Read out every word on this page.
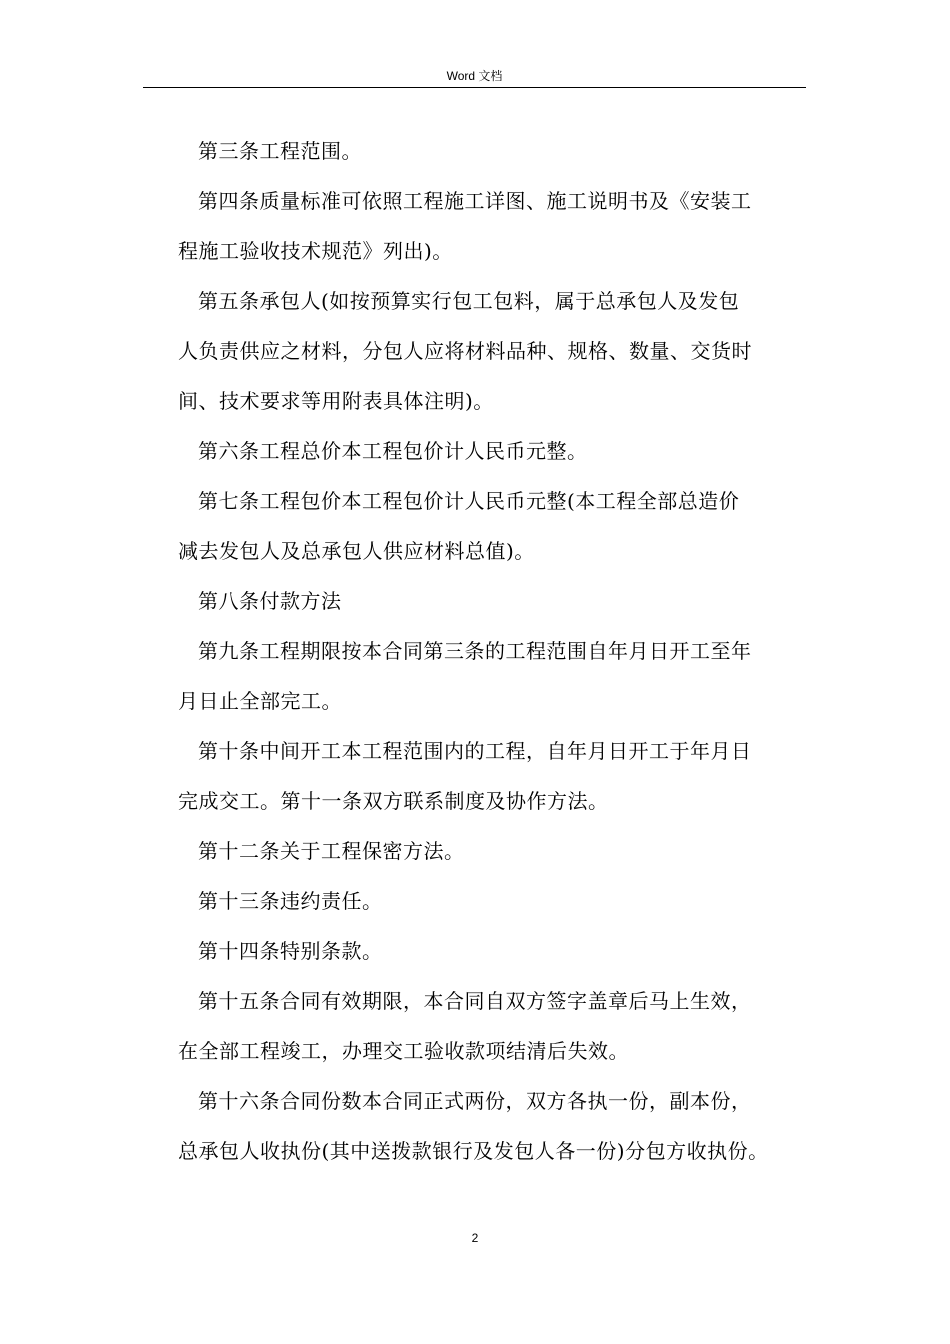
Word 文档

第三条工程范围。

第四条质量标准可依照工程施工详图、施工说明书及《安装工
程施工验收技术规范》列出)。

第五条承包人(如按预算实行包工包料，属于总承包人及发包
人负责供应之材料，分包人应将材料品种、规格、数量、交货时
间、技术要求等用附表具体注明)。

第六条工程总价本工程包价计人民币元整。

第七条工程包价本工程包价计人民币元整(本工程全部总造价
减去发包人及总承包人供应材料总值)。

第八条付款方法

第九条工程期限按本合同第三条的工程范围自年月日开工至年
月日止全部完工。

第十条中间开工本工程范围内的工程，自年月日开工于年月日
完成交工。第十一条双方联系制度及协作方法。

第十二条关于工程保密方法。

第十三条违约责任。

第十四条特别条款。

第十五条合同有效期限，本合同自双方签字盖章后马上生效，
在全部工程竣工，办理交工验收款项结清后失效。

第十六条合同份数本合同正式两份，双方各执一份，副本份，
总承包人收执份(其中送拨款银行及发包人各一份)分包方收执份。

2
